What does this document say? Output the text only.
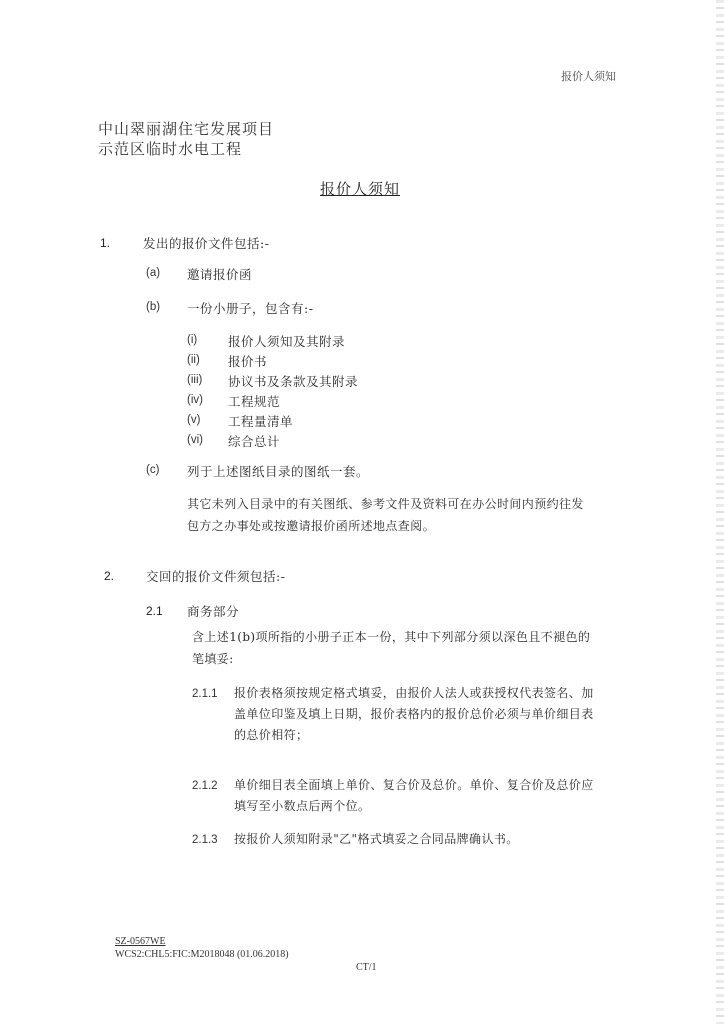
报价人须知
中山翠丽湖住宅发展项目
示范区临时水电工程
报价人须知
1.	发出的报价文件包括:-
(a) 邀请报价函
(b) 一份小册子，包含有:-
(i) 报价人须知及其附录
(ii) 报价书
(iii) 协议书及条款及其附录
(iv) 工程规范
(v) 工程量清单
(vi) 综合总计
(c) 列于上述图纸目录的图纸一套。
其它未列入目录中的有关图纸、参考文件及资料可在办公时间内预约往发
包方之办事处或按邀请报价函所述地点查阅。
2.	交回的报价文件须包括:-
2.1 商务部分
含上述1(b)项所指的小册子正本一份，其中下列部分须以深色且不褪色的
笔填妥:
2.1.1 报价表格须按规定格式填妥，由报价人法人或获授权代表签名、加
盖单位印鉴及填上日期，报价表格内的报价总价必须与单价细目表
的总价相符；
2.1.2 单价细目表全面填上单价、复合价及总价。单价、复合价及总价应
填写至小数点后两个位。
2.1.3 按报价人须知附录"乙"格式填妥之合同品牌确认书。
SZ-0567WE
WCS2:CHL5:FIC:M2018048 (01.06.2018)
CT/1
